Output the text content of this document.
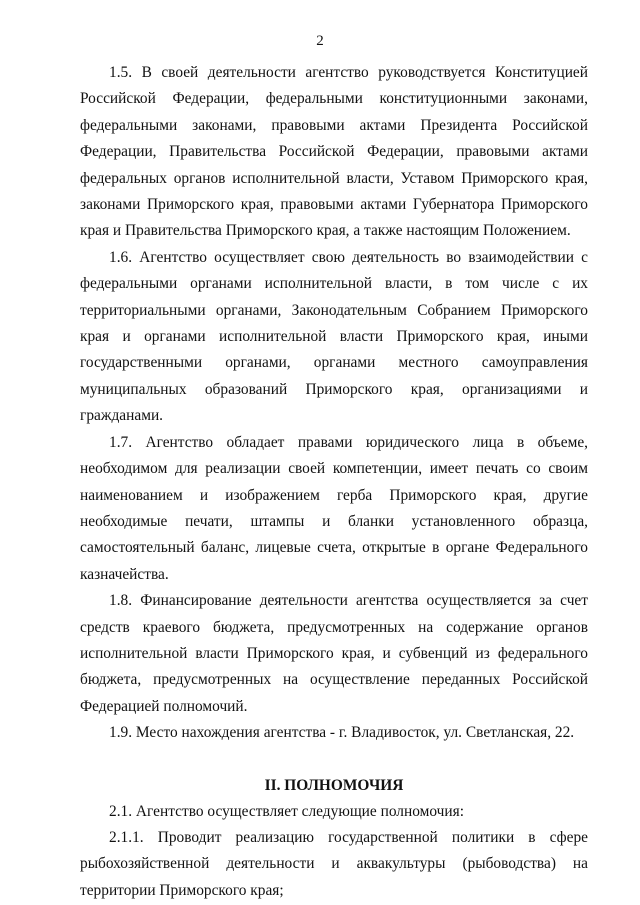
2

1.5. В своей деятельности агентство руководствуется Конституцией Российской Федерации, федеральными конституционными законами, федеральными законами, правовыми актами Президента Российской Федерации, Правительства Российской Федерации, правовыми актами федеральных органов исполнительной власти, Уставом Приморского края, законами Приморского края, правовыми актами Губернатора Приморского края и Правительства Приморского края, а также настоящим Положением.

1.6. Агентство осуществляет свою деятельность во взаимодействии с федеральными органами исполнительной власти, в том числе с их территориальными органами, Законодательным Собранием Приморского края и органами исполнительной власти Приморского края, иными государственными органами, органами местного самоуправления муниципальных образований Приморского края, организациями и гражданами.

1.7. Агентство обладает правами юридического лица в объеме, необходимом для реализации своей компетенции, имеет печать со своим наименованием и изображением герба Приморского края, другие необходимые печати, штампы и бланки установленного образца, самостоятельный баланс, лицевые счета, открытые в органе Федерального казначейства.

1.8. Финансирование деятельности агентства осуществляется за счет средств краевого бюджета, предусмотренных на содержание органов исполнительной власти Приморского края, и субвенций из федерального бюджета, предусмотренных на осуществление переданных Российской Федерацией полномочий.

1.9. Место нахождения агентства - г. Владивосток, ул. Светланская, 22.

II. ПОЛНОМОЧИЯ

2.1. Агентство осуществляет следующие полномочия:

2.1.1. Проводит реализацию государственной политики в сфере рыбохозяйственной деятельности и аквакультуры (рыбоводства) на территории Приморского края;
